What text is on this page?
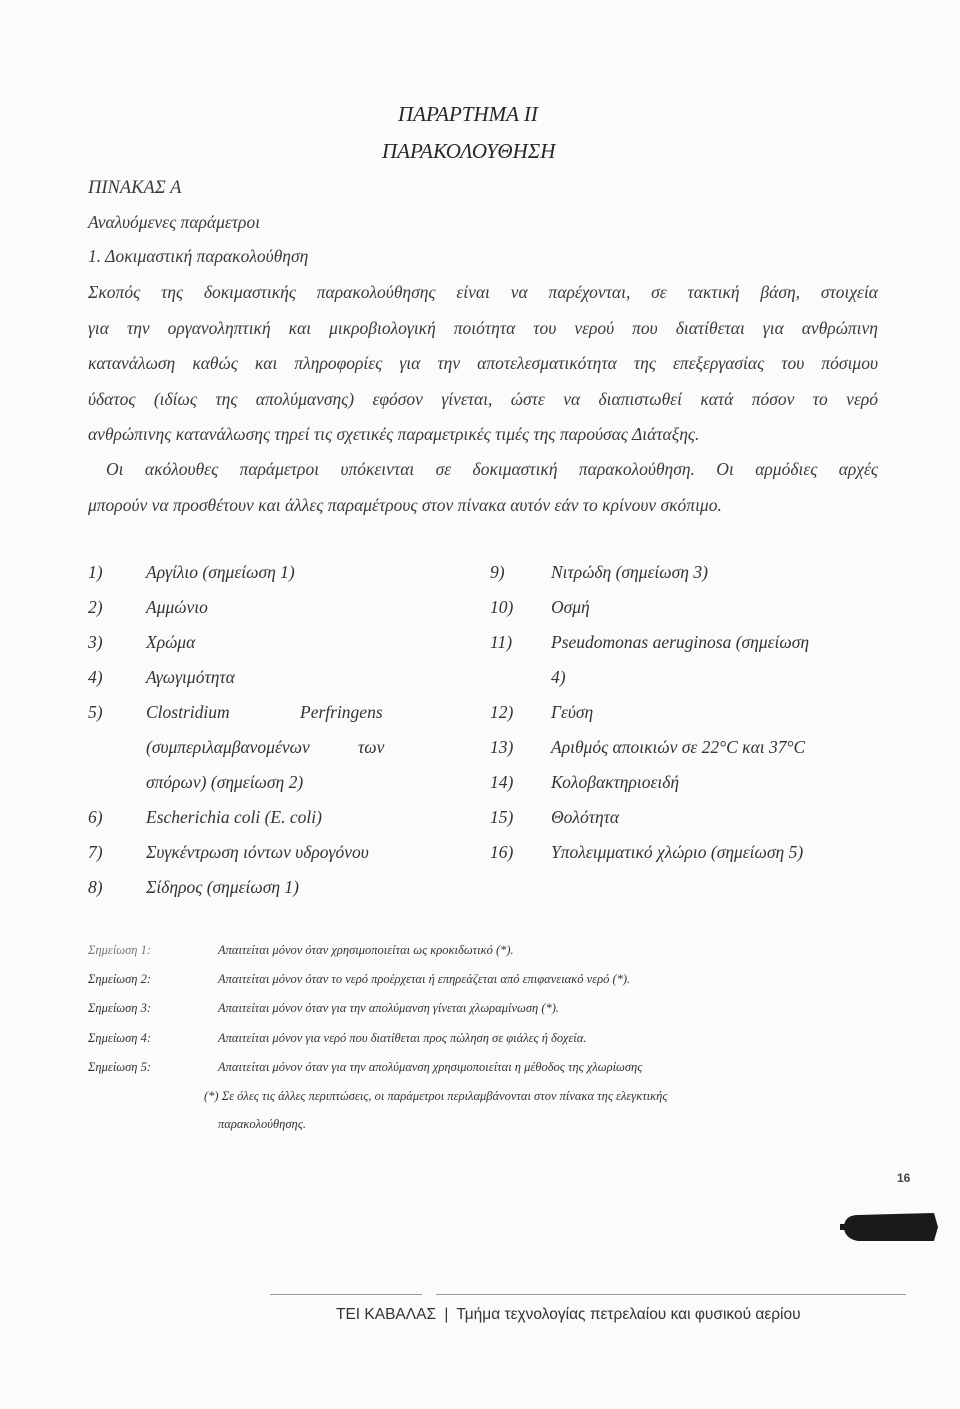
ΠΑΡΑΡΤΗΜΑ ΙΙ
ΠΑΡΑΚΟΛΟΥΘΗΣΗ
ΠΙΝΑΚΑΣ Α
Αναλυόμενες παράμετροι
1. Δοκιμαστική παρακολούθηση
Σκοπός της δοκιμαστικής παρακολούθησης είναι να παρέχονται, σε τακτική βάση, στοιχεία
για την οργανοληπτική και μικροβιολογική ποιότητα του νερού που διατίθεται για ανθρώπινη
κατανάλωση καθώς και πληροφορίες για την αποτελεσματικότητα της επεξεργασίας του πόσιμου
ύδατος (ιδίως της απολύμανσης) εφόσον γίνεται, ώστε να διαπιστωθεί κατά πόσον το νερό
ανθρώπινης κατανάλωσης τηρεί τις σχετικές παραμετρικές τιμές της παρούσας Διάταξης.
Οι ακόλουθες παράμετροι υπόκεινται σε δοκιμαστική παρακολούθηση. Οι αρμόδιες αρχές
μπορούν να προσθέτουν και άλλες παραμέτρους στον πίνακα αυτόν εάν το κρίνουν σκόπιμο.
1) Αργίλιο (σημείωση 1)
2) Αμμώνιο
3) Χρώμα
4) Αγωγιμότητα
5) Clostridium	Perfringens
(συμπεριλαμβανομένων	των
σπόρων) (σημείωση 2)
6) Escherichia coli (E. coli)
7) Συγκέντρωση ιόντων υδρογόνου
8) Σίδηρος (σημείωση 1)
9)	Νιτρώδη (σημείωση 3)
10) Οσμή
11) Pseudomonas aeruginosa (σημείωση
4)
12) Γεύση
13) Αριθμός αποικιών σε 22°C και 37°C
14) Κολοβακτηριοειδή
15) Θολότητα
16) Υπολειμματικό χλώριο (σημείωση 5)
Σημείωση 1:	Απαιτείται μόνον όταν χρησιμοποιείται ως κροκιδωτικό (*).
Σημείωση 2:	Απαιτείται μόνον όταν το νερό προέρχεται ή επηρεάζεται από επιφανειακό νερό (*).
Σημείωση 3:	Απαιτείται μόνον όταν για την απολύμανση γίνεται χλωραμίνωση (*).
Σημείωση 4:	Απαιτείται μόνον για νερό που διατίθεται προς πώληση σε φιάλες ή δοχεία.
Σημείωση 5:	Απαιτείται μόνον όταν για την απολύμανση χρησιμοποιείται η μέθοδος της χλωρίωσης
(*) Σε όλες τις άλλες περιπτώσεις, οι παράμετροι περιλαμβάνονται στον πίνακα της ελεγκτικής
παρακολούθησης.
16
ΤΕΙ ΚΑΒΑΛΑΣ | Τμήμα τεχνολογίας πετρελαίου και φυσικού αερίου
